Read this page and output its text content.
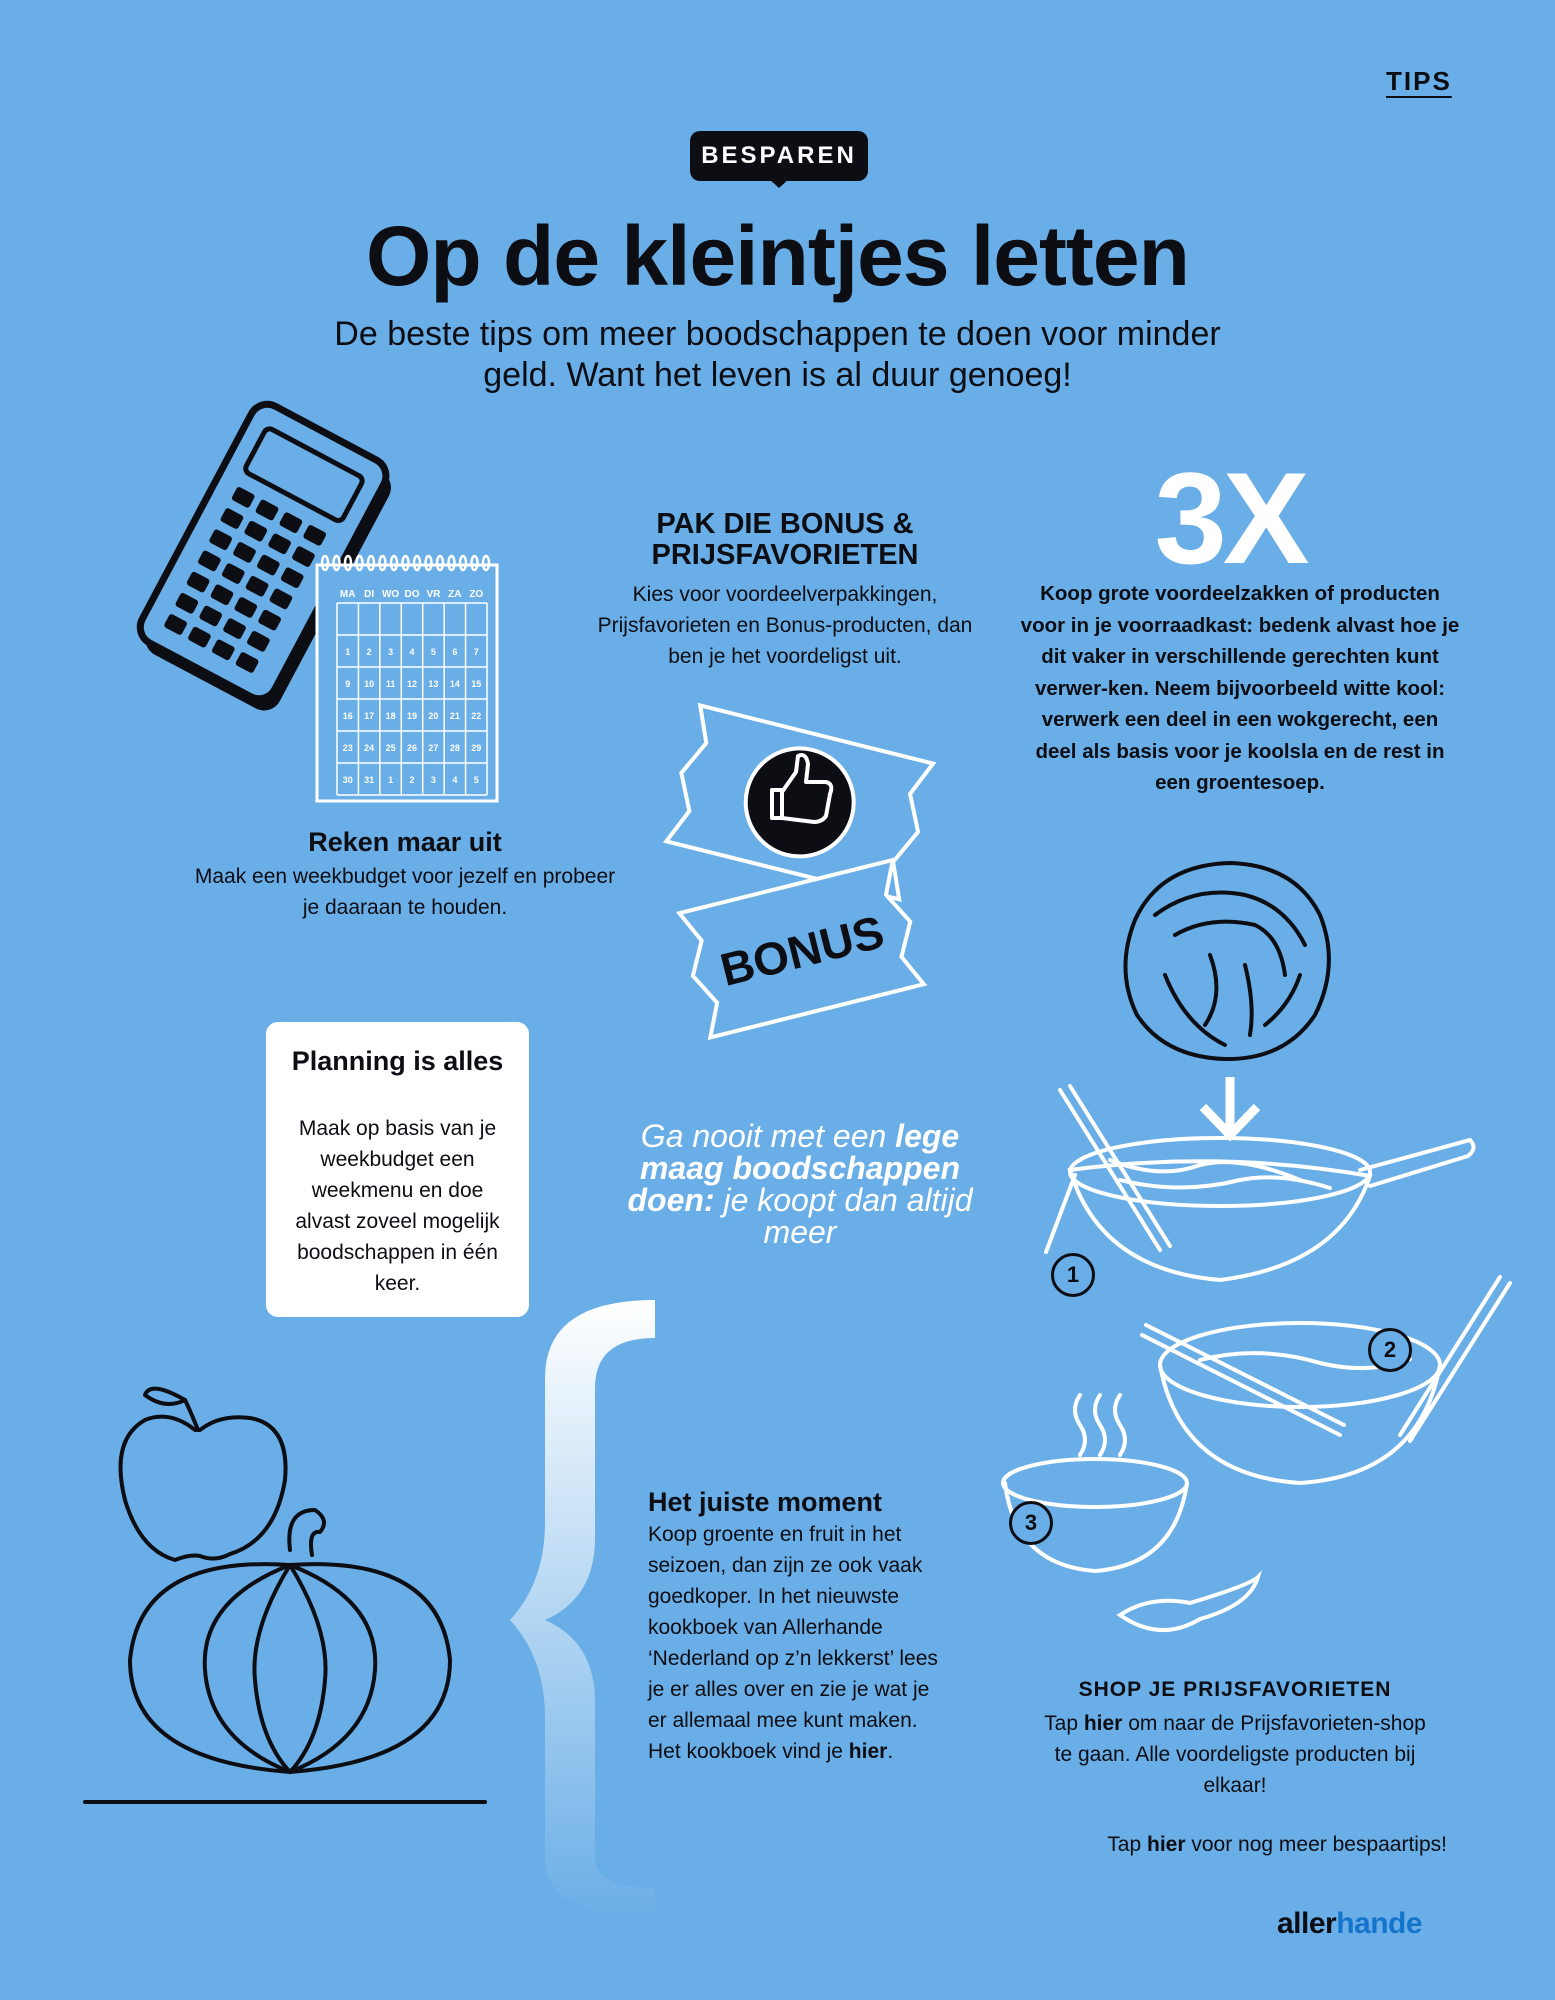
TIPS
BESPAREN
Op de kleintjes letten
De beste tips om meer boodschappen te doen voor minder geld. Want het leven is al duur genoeg!
MA DI WO DO VR ZA ZO
1 2 3 4 5 6 7
9 10 11 12 13 14 15
16 17 18 19 20 21 22
23 24 25 26 27 28 29
30 31 1 2 3 4 5
Reken maar uit
Maak een weekbudget voor jezelf en probeer je daaraan te houden.
PAK DIE BONUS & PRIJSFAVORIETEN
Kies voor voordeelverpakkingen, Prijsfavorieten en Bonus-producten, dan ben je het voordeligst uit.
BONUS
3X
Koop grote voordeelzakken of producten voor in je voorraadkast: bedenk alvast hoe je dit vaker in verschillende gerechten kunt verwer-ken. Neem bijvoorbeeld witte kool: verwerk een deel in een wokgerecht, een deel als basis voor je koolsla en de rest in een groentesoep.
1
2
3
Planning is alles
Maak op basis van je weekbudget een weekmenu en doe alvast zoveel mogelijk boodschappen in één keer.
Ga nooit met een lege maag boodschappen doen: je koopt dan altijd meer
Het juiste moment
Koop groente en fruit in het seizoen, dan zijn ze ook vaak goedkoper. In het nieuwste kookboek van Allerhande ‘Nederland op z’n lekkerst’ lees je er alles over en zie je wat je er allemaal mee kunt maken.
Het kookboek vind je hier.
SHOP JE PRIJSFAVORIETEN
Tap hier om naar de Prijsfavorieten-shop te gaan. Alle voordeligste producten bij elkaar!
Tap hier voor nog meer bespaartips!
allerhande
